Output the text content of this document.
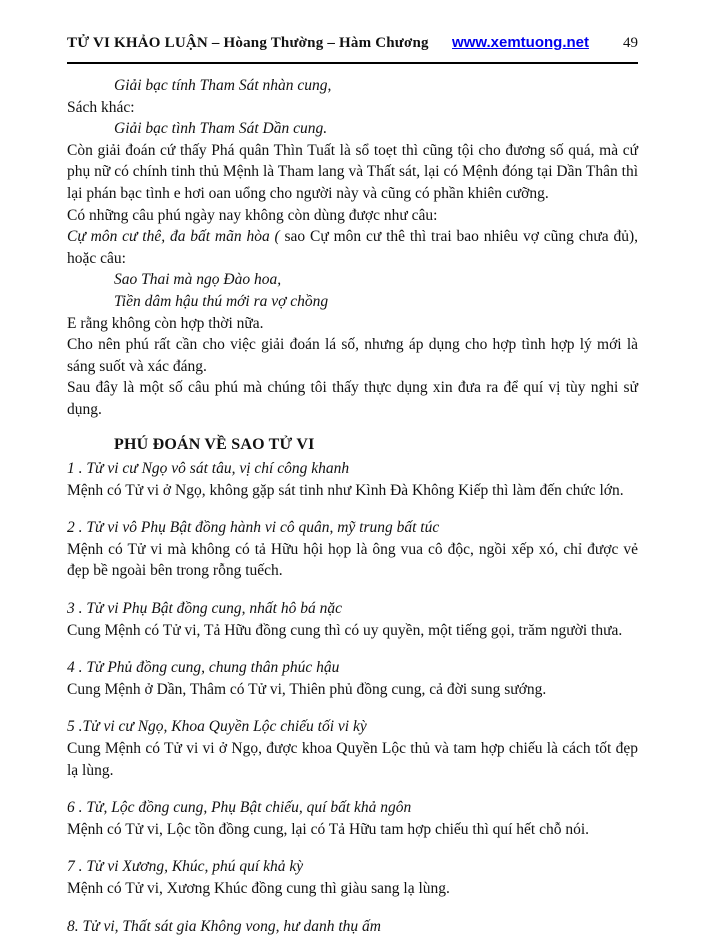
TỬ VI KHẢO LUẬN – Hòang Thường – Hàm Chương	www.xemtuong.net 49

Giải bạc tính Tham Sát nhàn cung,

Sách khác:

Giải bạc tình Tham Sát Dần cung.

Còn giải đoán cứ thấy Phá quân Thìn Tuất là sổ toẹt thì cũng tội cho đương số quá, mà cứ phụ nữ có chính tinh thủ Mệnh là Tham lang và Thất sát, lại có Mệnh đóng tại Dần Thân thì lại phán bạc tình e hơi oan uổng cho người này và cũng có phần khiên cưỡng.

Có những câu phú ngày nay không còn dùng được như câu:

Cự môn cư thê, đa bất mãn hòa ( sao Cự môn cư thê thì trai bao nhiêu vợ cũng chưa đủ), hoặc câu:

Sao Thai mà ngọ Đào hoa,

Tiền dâm hậu thú mới ra vợ chồng

E rằng không còn hợp thời nữa.

Cho nên phú rất cần cho việc giải đoán lá số, nhưng áp dụng cho hợp tình hợp lý mới là sáng suốt và xác đáng.

Sau đây là một số câu phú mà chúng tôi thấy thực dụng xin đưa ra để quí vị tùy nghi sử dụng.

PHÚ ĐOÁN VỀ SAO TỬ VI

1 . Tử vi cư Ngọ vô sát tâu, vị chí công khanh

Mệnh có Tử vi ở Ngọ, không gặp sát tinh như Kình Đà Không Kiếp thì làm đến chức lớn.

2 . Tử vi vô Phụ Bật đồng hành vi cô quân, mỹ trung bất túc

Mệnh có Tử vi mà không có tả Hữu hội họp là ông vua cô độc, ngồi xếp xó, chỉ được vẻ đẹp bề ngoài bên trong rỗng tuếch.

3 . Tử vi Phụ Bật đồng cung, nhất hô bá nặc

Cung Mệnh có Tử vi, Tả Hữu đồng cung thì có uy quyền, một tiếng gọi, trăm người thưa.

4 . Tử Phủ đồng cung, chung thân phúc hậu

Cung Mệnh ở Dần, Thâm có Tử vi, Thiên phủ đồng cung, cả đời sung sướng.

5 .Tử vi cư Ngọ, Khoa Quyền Lộc chiếu tối vi kỳ

Cung Mệnh có Tử vi vi ở Ngọ, được khoa Quyền Lộc thủ và tam hợp chiếu là cách tốt đẹp lạ lùng.

6 . Tử, Lộc đồng cung, Phụ Bật chiếu, quí bất khả ngôn

Mệnh có Tử vi, Lộc tồn đồng cung, lại có Tả Hữu tam hợp chiếu thì quí hết chỗ nói.

7 . Tử vi Xương, Khúc, phú quí khả kỳ

Mệnh có Tử vi, Xương Khúc đồng cung thì giàu sang lạ lùng.

8. Tử vi, Thất sát gia Không vong, hư danh thụ ấm
